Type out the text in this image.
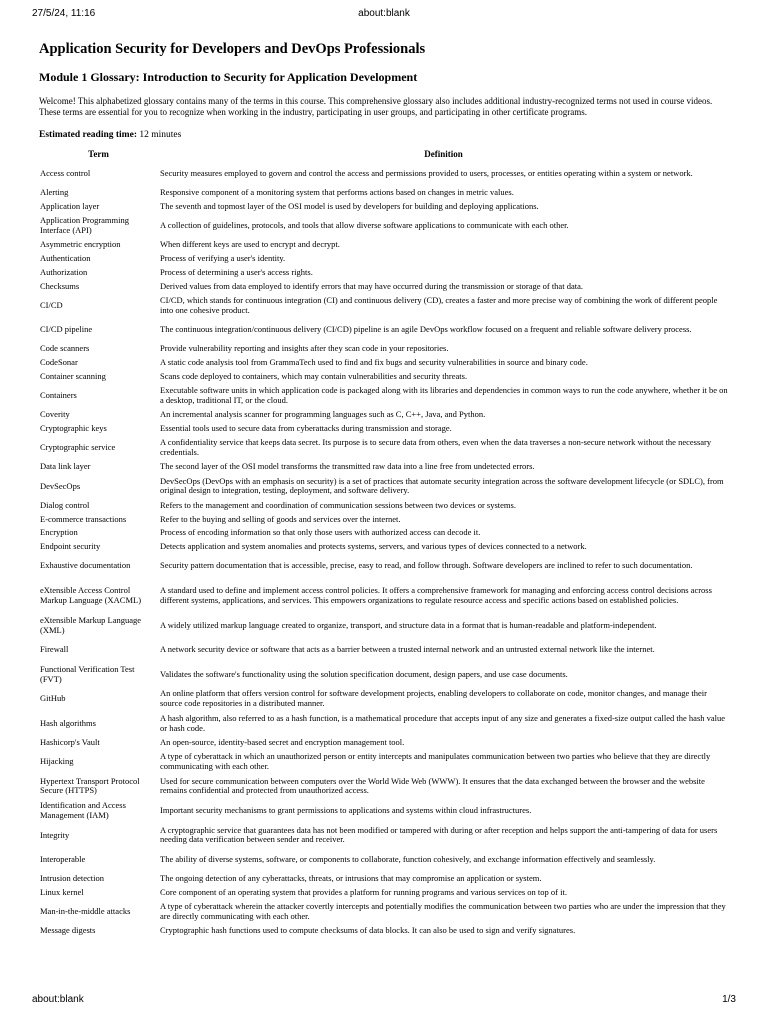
27/5/24, 11:16	about:blank
Application Security for Developers and DevOps Professionals
Module 1 Glossary: Introduction to Security for Application Development

Welcome! This alphabetized glossary contains many of the terms in this course. This comprehensive glossary also includes additional industry-recognized terms not used in course videos. These terms are essential for you to recognize when working in the industry, participating in user groups, and participating in other certificate programs.

Estimated reading time: 12 minutes

Term	Definition
Access control	Security measures employed to govern and control the access and permissions provided to users, processes, or entities operating within a system or network.
Alerting	Responsive component of a monitoring system that performs actions based on changes in metric values.
Application layer	The seventh and topmost layer of the OSI model is used by developers for building and deploying applications.
Application Programming Interface (API)	A collection of guidelines, protocols, and tools that allow diverse software applications to communicate with each other.
Asymmetric encryption	When different keys are used to encrypt and decrypt.
Authentication	Process of verifying a user's identity.
Authorization	Process of determining a user's access rights.
Checksums	Derived values from data employed to identify errors that may have occurred during the transmission or storage of that data.
CI/CD	CI/CD, which stands for continuous integration (CI) and continuous delivery (CD), creates a faster and more precise way of combining the work of different people into one cohesive product.
CI/CD pipeline	The continuous integration/continuous delivery (CI/CD) pipeline is an agile DevOps workflow focused on a frequent and reliable software delivery process.
Code scanners	Provide vulnerability reporting and insights after they scan code in your repositories.
CodeSonar	A static code analysis tool from GrammaTech used to find and fix bugs and security vulnerabilities in source and binary code.
Container scanning	Scans code deployed to containers, which may contain vulnerabilities and security threats.
Containers	Executable software units in which application code is packaged along with its libraries and dependencies in common ways to run the code anywhere, whether it be on a desktop, traditional IT, or the cloud.
Coverity	An incremental analysis scanner for programming languages such as C, C++, Java, and Python.
Cryptographic keys	Essential tools used to secure data from cyberattacks during transmission and storage.
Cryptographic service	A confidentiality service that keeps data secret. Its purpose is to secure data from others, even when the data traverses a non-secure network without the necessary credentials.
Data link layer	The second layer of the OSI model transforms the transmitted raw data into a line free from undetected errors.
DevSecOps	DevSecOps (DevOps with an emphasis on security) is a set of practices that automate security integration across the software development lifecycle (or SDLC), from original design to integration, testing, deployment, and software delivery.
Dialog control	Refers to the management and coordination of communication sessions between two devices or systems.
E-commerce transactions	Refer to the buying and selling of goods and services over the internet.
Encryption	Process of encoding information so that only those users with authorized access can decode it.
Endpoint security	Detects application and system anomalies and protects systems, servers, and various types of devices connected to a network.
Exhaustive documentation	Security pattern documentation that is accessible, precise, easy to read, and follow through. Software developers are inclined to refer to such documentation.
eXtensible Access Control Markup Language (XACML)	A standard used to define and implement access control policies. It offers a comprehensive framework for managing and enforcing access control decisions across different systems, applications, and services. This empowers organizations to regulate resource access and specific actions based on established policies.
eXtensible Markup Language (XML)	A widely utilized markup language created to organize, transport, and structure data in a format that is human-readable and platform-independent.
Firewall	A network security device or software that acts as a barrier between a trusted internal network and an untrusted external network like the internet.
Functional Verification Test (FVT)	Validates the software's functionality using the solution specification document, design papers, and use case documents.
GitHub	An online platform that offers version control for software development projects, enabling developers to collaborate on code, monitor changes, and manage their source code repositories in a distributed manner.
Hash algorithms	A hash algorithm, also referred to as a hash function, is a mathematical procedure that accepts input of any size and generates a fixed-size output called the hash value or hash code.
Hashicorp's Vault	An open-source, identity-based secret and encryption management tool.
Hijacking	A type of cyberattack in which an unauthorized person or entity intercepts and manipulates communication between two parties who believe that they are directly communicating with each other.
Hypertext Transport Protocol Secure (HTTPS)	Used for secure communication between computers over the World Wide Web (WWW). It ensures that the data exchanged between the browser and the website remains confidential and protected from unauthorized access.
Identification and Access Management (IAM)	Important security mechanisms to grant permissions to applications and systems within cloud infrastructures.
Integrity	A cryptographic service that guarantees data has not been modified or tampered with during or after reception and helps support the anti-tampering of data for users needing data verification between sender and receiver.
Interoperable	The ability of diverse systems, software, or components to collaborate, function cohesively, and exchange information effectively and seamlessly.
Intrusion detection	The ongoing detection of any cyberattacks, threats, or intrusions that may compromise an application or system.
Linux kernel	Core component of an operating system that provides a platform for running programs and various services on top of it.
Man-in-the-middle attacks	A type of cyberattack wherein the attacker covertly intercepts and potentially modifies the communication between two parties who are under the impression that they are directly communicating with each other.
Message digests	Cryptographic hash functions used to compute checksums of data blocks. It can also be used to sign and verify signatures.
about:blank	1/3
